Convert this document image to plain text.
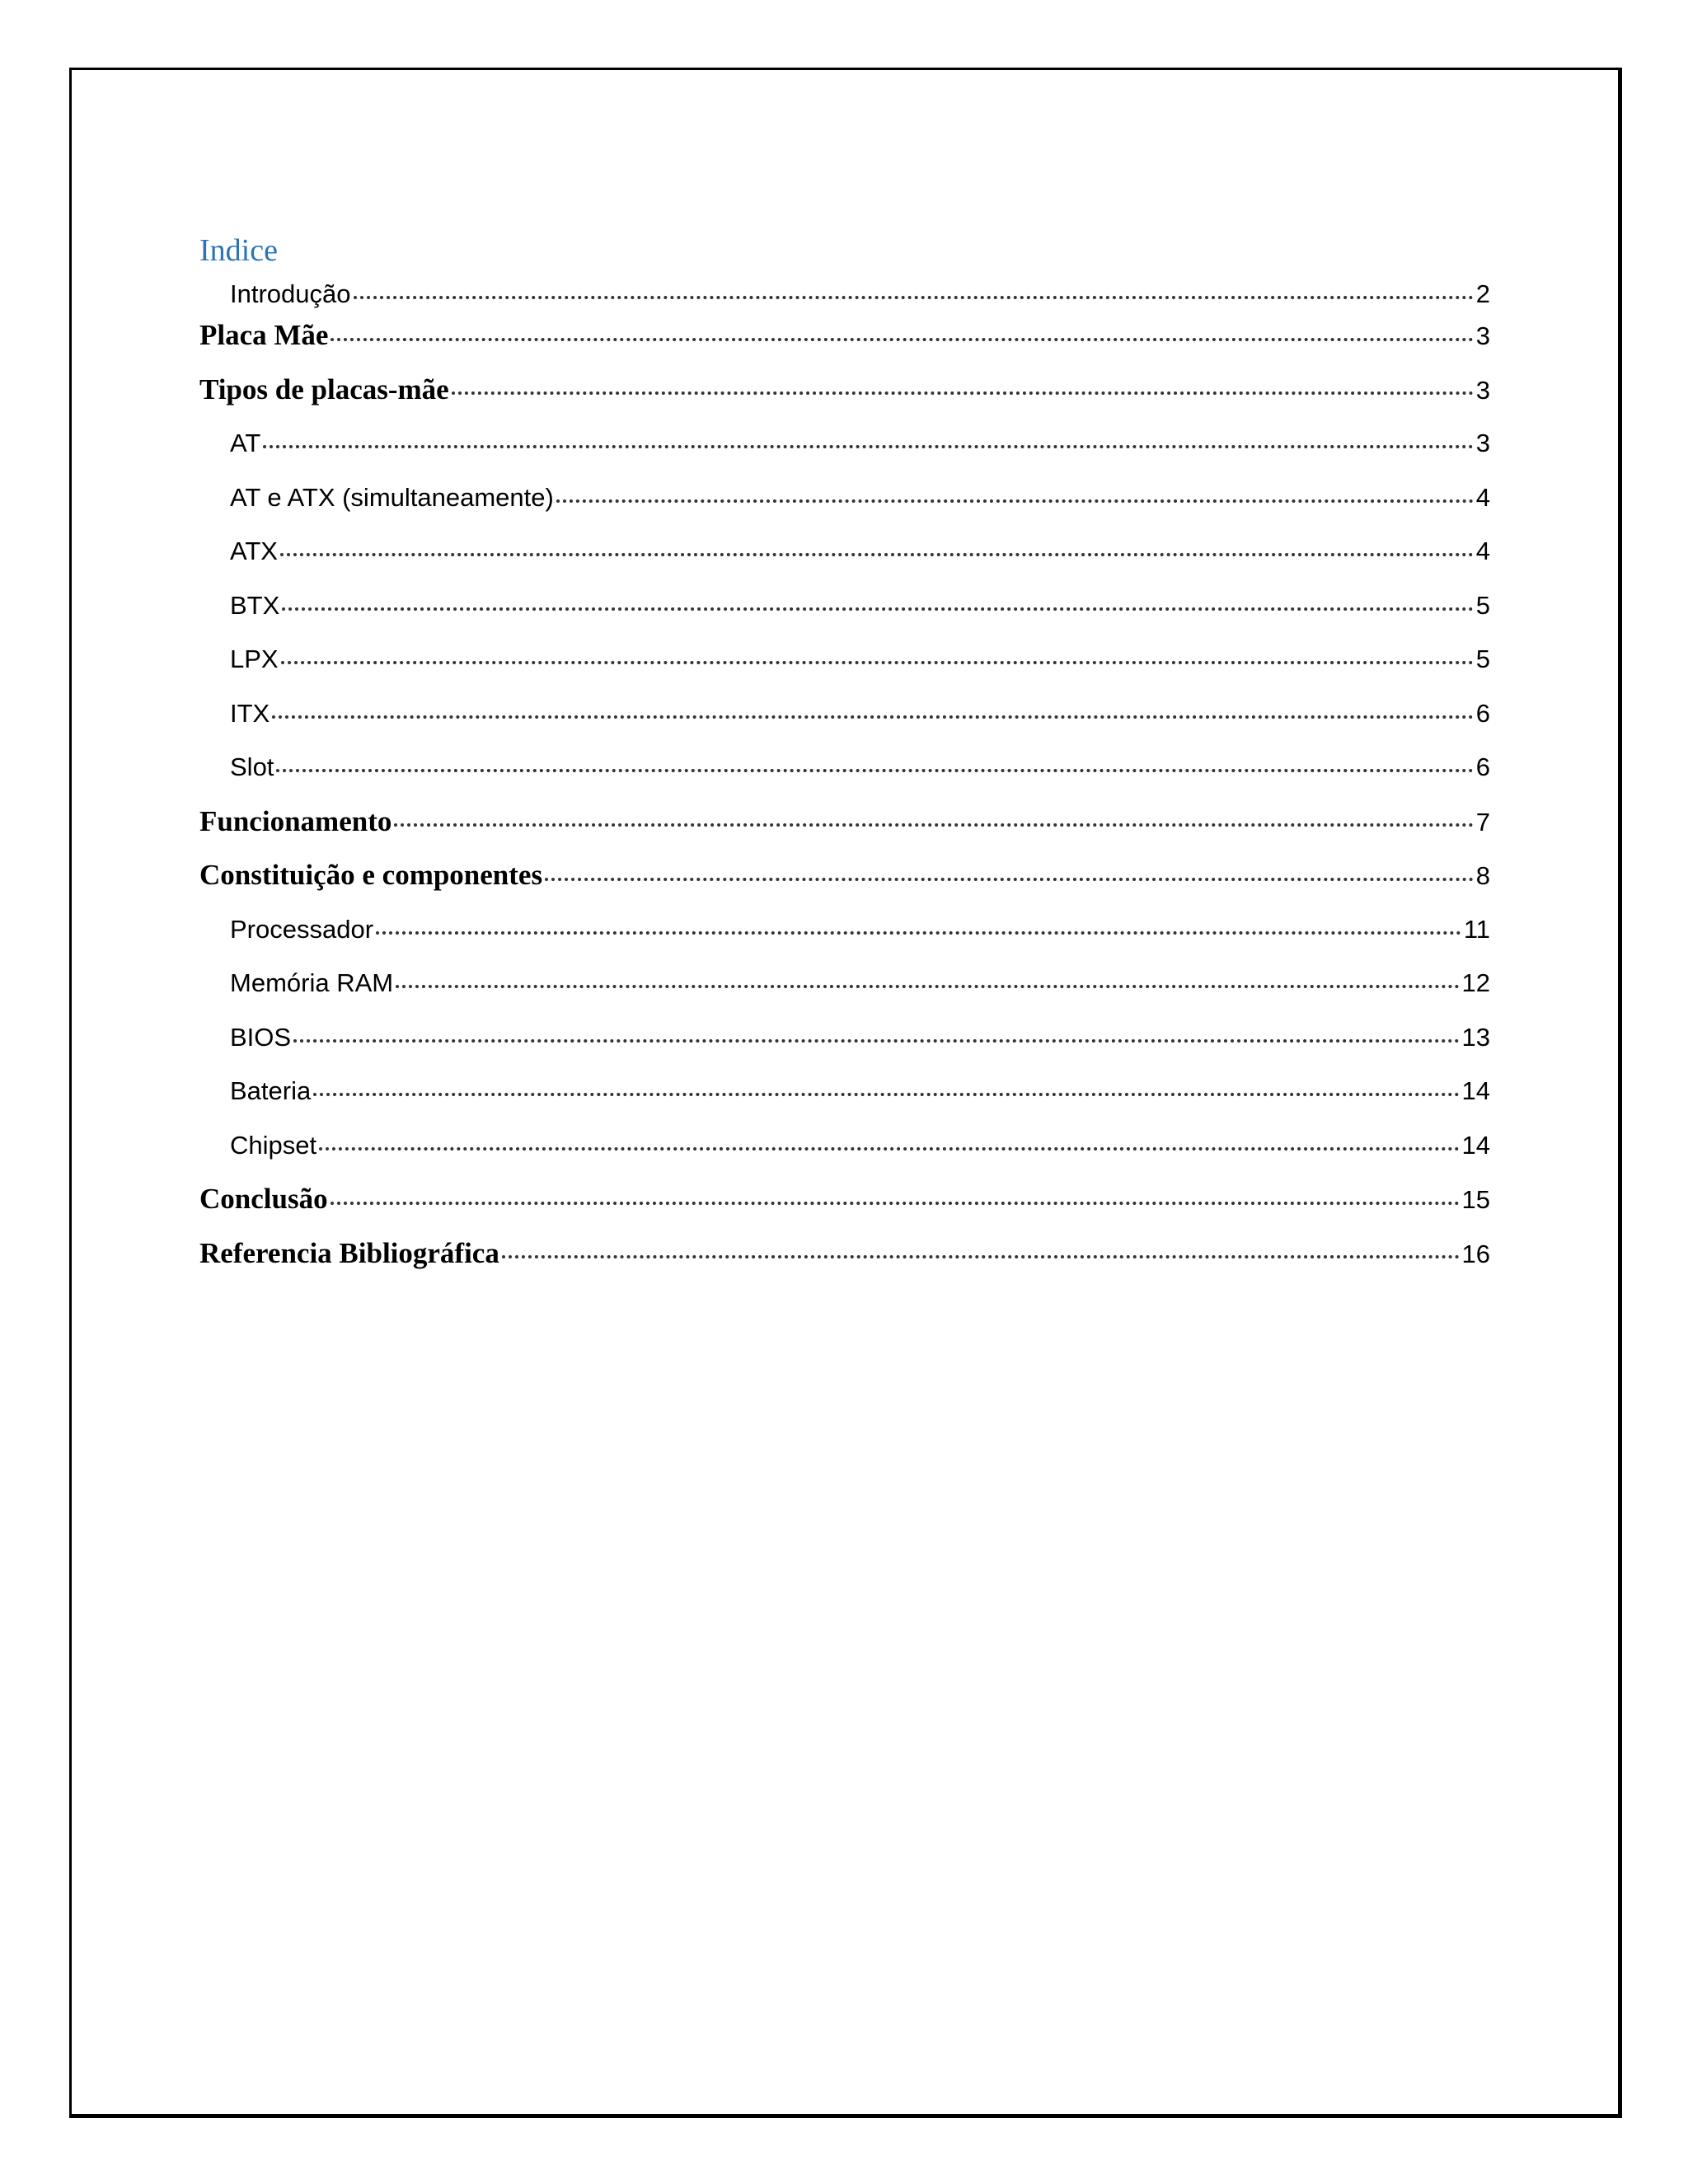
Indice
Introdução	2
Placa Mãe	3
Tipos de placas-mãe	3
AT	3
AT e ATX (simultaneamente)	4
ATX	4
BTX	5
LPX	5
ITX	6
Slot	6
Funcionamento	7
Constituição e componentes	8
Processador	11
Memória RAM	12
BIOS	13
Bateria	14
Chipset	14
Conclusão	15
Referencia Bibliográfica	16
